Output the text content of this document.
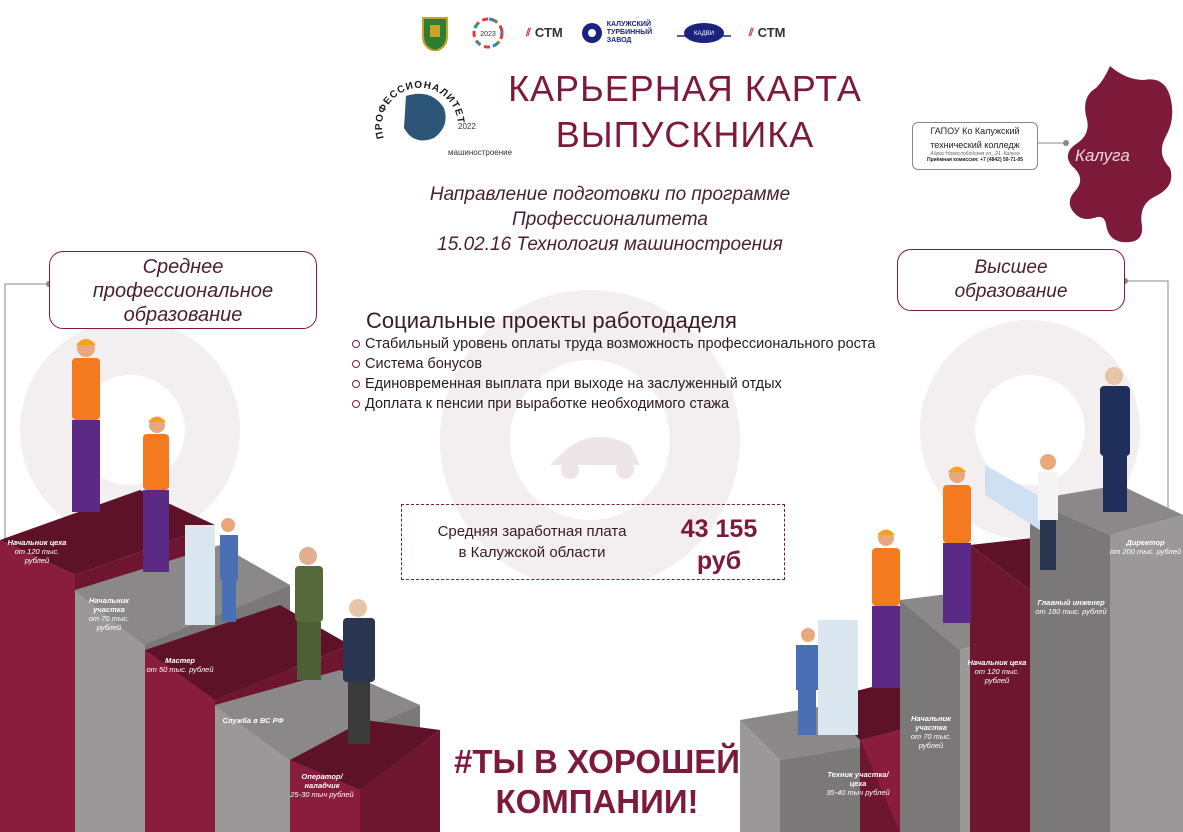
2023	⫽ СТМ
КАЛУЖСКИЙ ТУРБИННЫЙ ЗАВОД
КАДВИ	⫽ СТМ
ПРОФЕССИОНАЛИТЕТ
2022
машиностроение
КАРЬЕРНАЯ КАРТА
ВЫПУСКНИКА
Калуга
ГАПОУ Ко Калужский
технический колледж
Адрес:Новослободская ул., 21, Калуга
Приёмная комиссия: +7 (4842) 59-71-05
Направление подготовки по программе
Профессионалитета
15.02.16 Технология машиностроения
Среднее
профессиональное
образование
Высшее
образование
Социальные проекты работодаделя
Стабильный уровень оплаты труда возможность профессионального роста
Система бонусов
Единовременная выплата при выходе на заслуженный отдых
Доплата к пенсии при выработке необходимого стажа
Средняя заработная плата
в Калужской области
43 155
руб
Начальник цеха
от 120 тыс. рублей
Начальник участка
от 70 тыс. рублей
Мастер
от 50 тыс. рублей
Служба в ВС РФ
Оператор/ наладчик
25-30 тыч рублей
Директор
от 200 тыс. рублей
Главный инженер
от 180 тыс. рублей
Начальник цеха
от 120 тыс. рублей
Начальник участка
от 70 тыс. рублей
Техник участка/ цеха
35-40 тыч рублей
#ТЫ В ХОРОШЕЙ
КОМПАНИИ!
